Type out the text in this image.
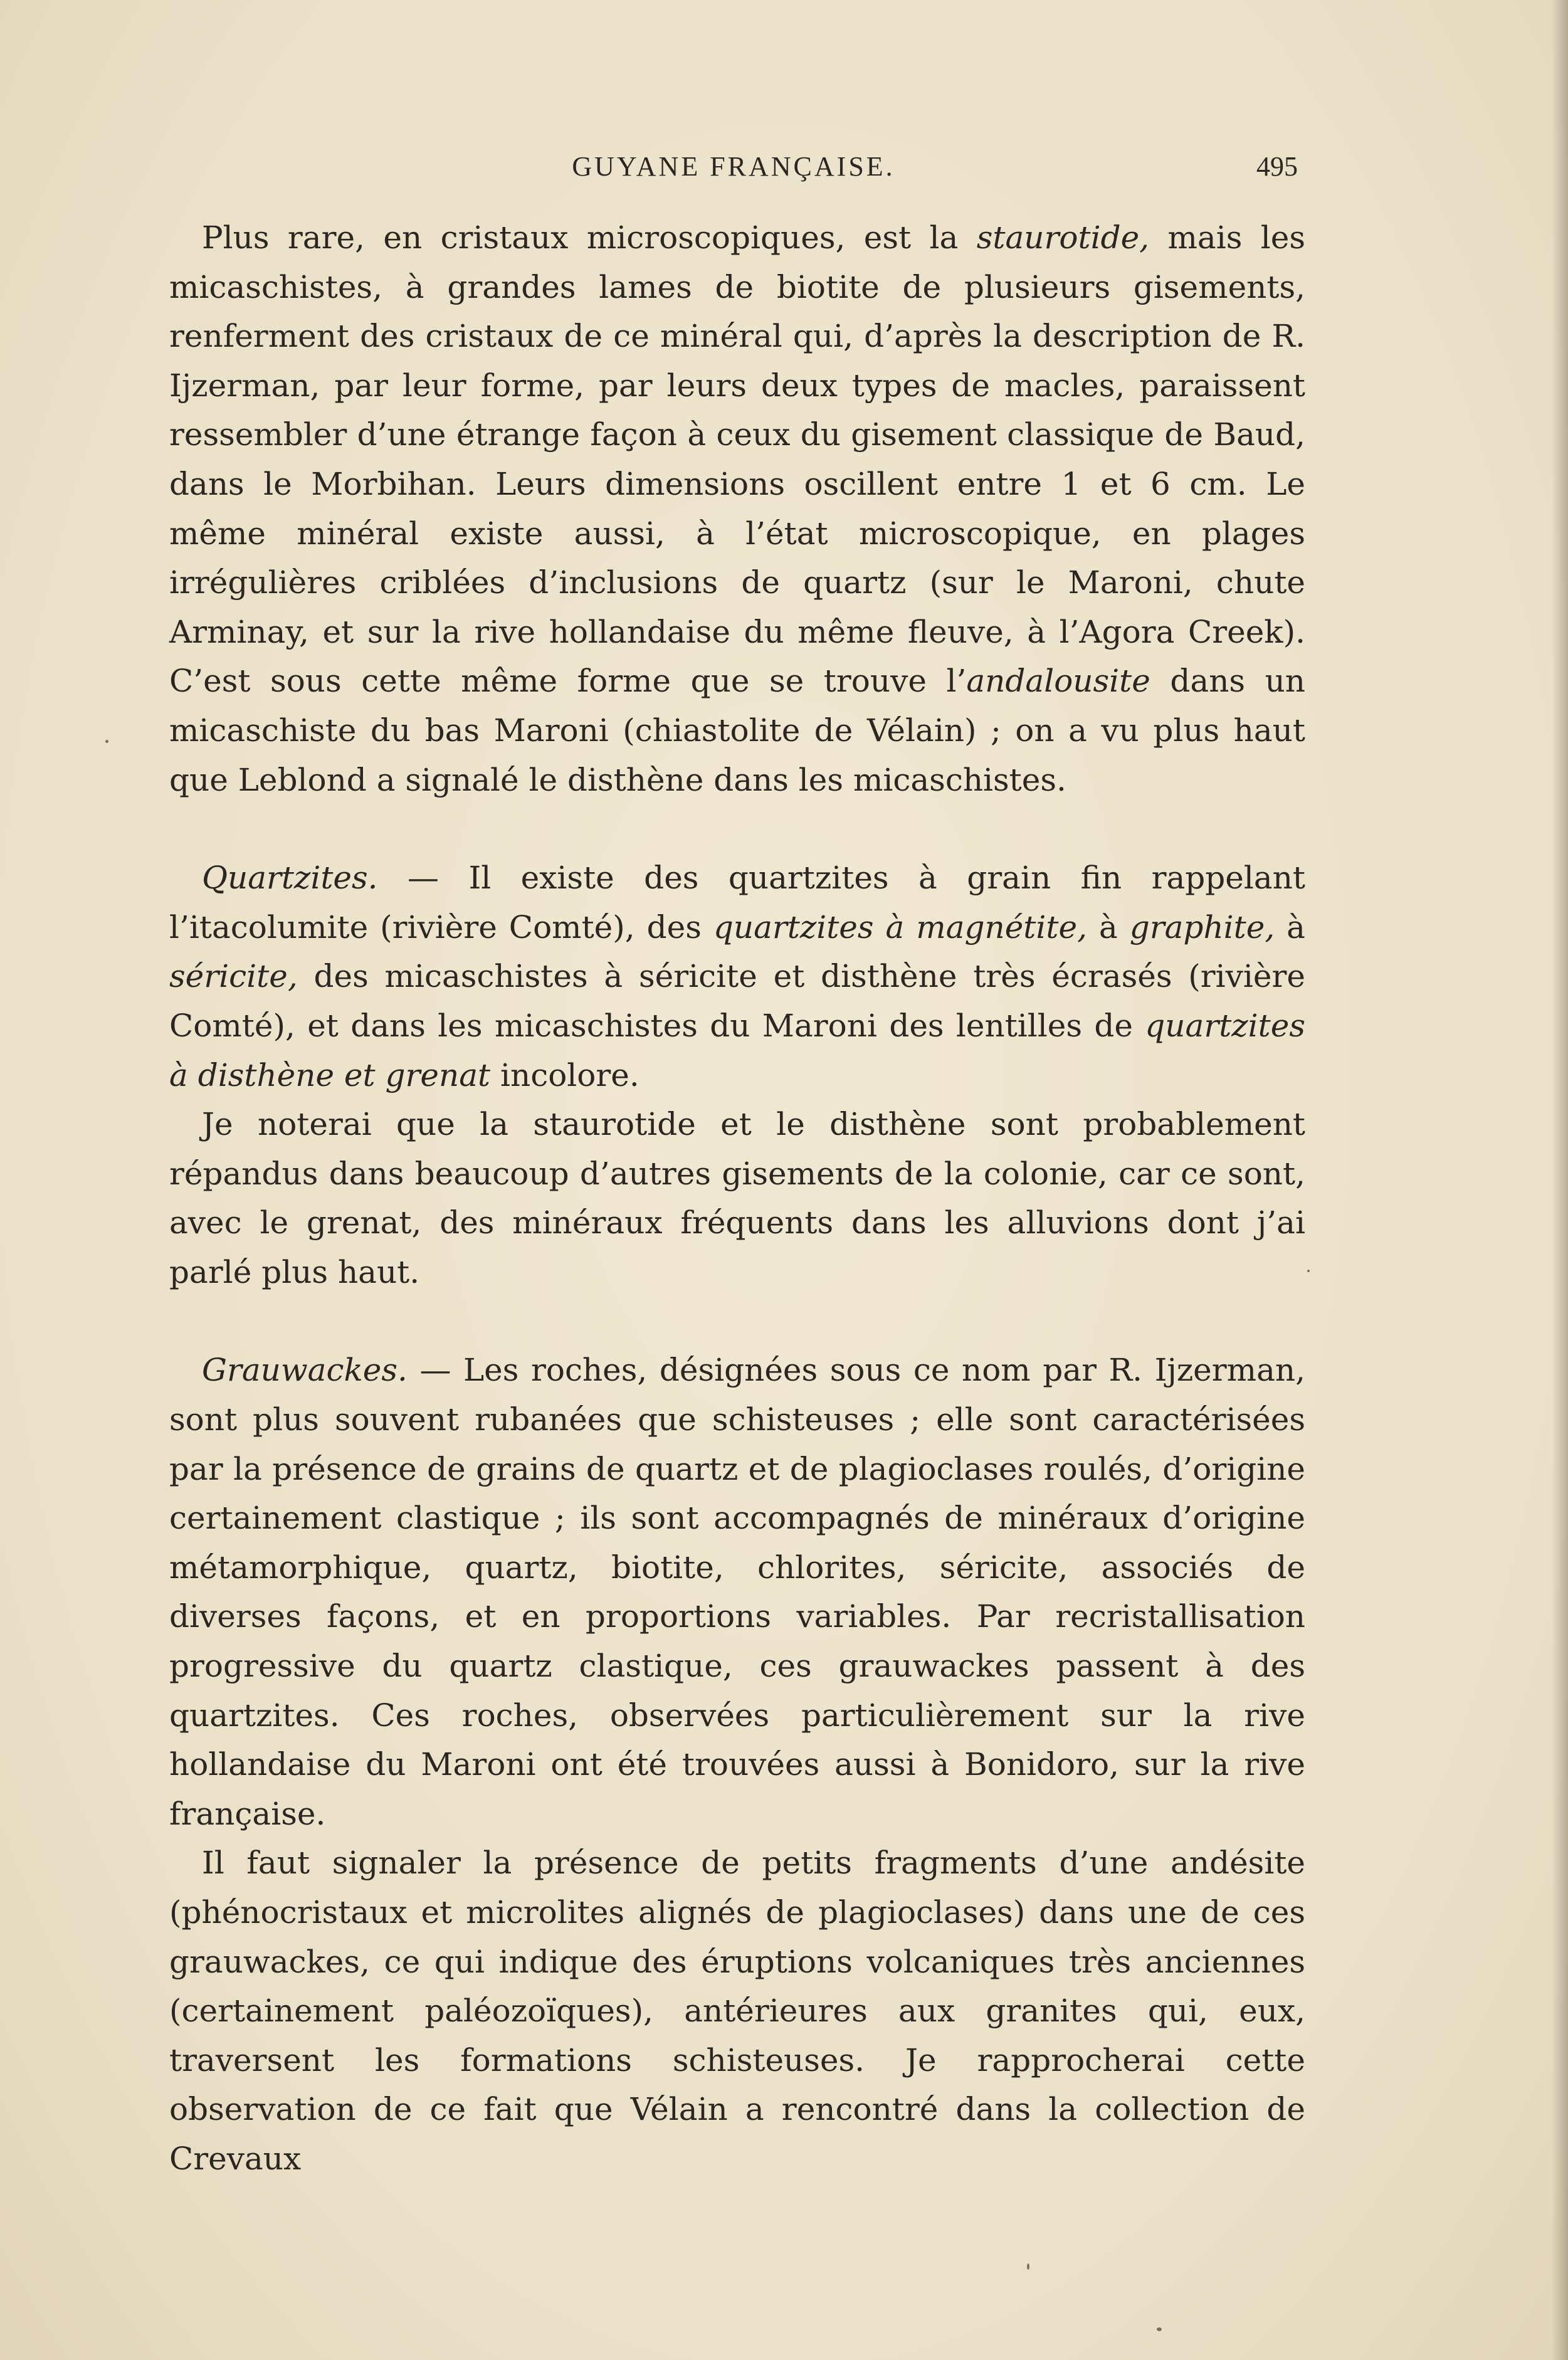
GUYANE FRANÇAISE.	495

Plus rare, en cristaux microscopiques, est la staurotide, mais les micaschistes, à grandes lames de biotite de plusieurs gisements, renferment des cristaux de ce minéral qui, d’après la description de R. Ijzerman, par leur forme, par leurs deux types de macles, paraissent ressembler d’une étrange façon à ceux du gisement classique de Baud, dans le Morbihan. Leurs dimensions oscillent entre 1 et 6 cm. Le même minéral existe aussi, à l’état microscopique, en plages irrégulières criblées d’inclusions de quartz (sur le Maroni, chute Arminay, et sur la rive hollandaise du même fleuve, à l’Agora Creek). C’est sous cette même forme que se trouve l’andalousite dans un micaschiste du bas Maroni (chiastolite de Vélain) ; on a vu plus haut que Leblond a signalé le disthène dans les micaschistes.

Quartzites. — Il existe des quartzites à grain fin rappelant l’itacolumite (rivière Comté), des quartzites à magnétite, à graphite, à séricite, des micaschistes à séricite et disthène très écrasés (rivière Comté), et dans les micaschistes du Maroni des lentilles de quartzites à disthène et grenat incolore.

Je noterai que la staurotide et le disthène sont probablement répandus dans beaucoup d’autres gisements de la colonie, car ce sont, avec le grenat, des minéraux fréquents dans les alluvions dont j’ai parlé plus haut.

Grauwackes. — Les roches, désignées sous ce nom par R. Ijzerman, sont plus souvent rubanées que schisteuses ; elle sont caractérisées par la présence de grains de quartz et de plagioclases roulés, d’origine certainement clastique ; ils sont accompagnés de minéraux d’origine métamorphique, quartz, biotite, chlorites, séricite, associés de diverses façons, et en proportions variables. Par recristallisation progressive du quartz clastique, ces grauwackes passent à des quartzites. Ces roches, observées particulièrement sur la rive hollandaise du Maroni ont été trouvées aussi à Bonidoro, sur la rive française.

Il faut signaler la présence de petits fragments d’une andésite (phénocristaux et microlites alignés de plagioclases) dans une de ces grauwackes, ce qui indique des éruptions volcaniques très anciennes (certainement paléozoïques), antérieures aux granites qui, eux, traversent les formations schisteuses. Je rapprocherai cette observation de ce fait que Vélain a rencontré dans la collection de Crevaux
